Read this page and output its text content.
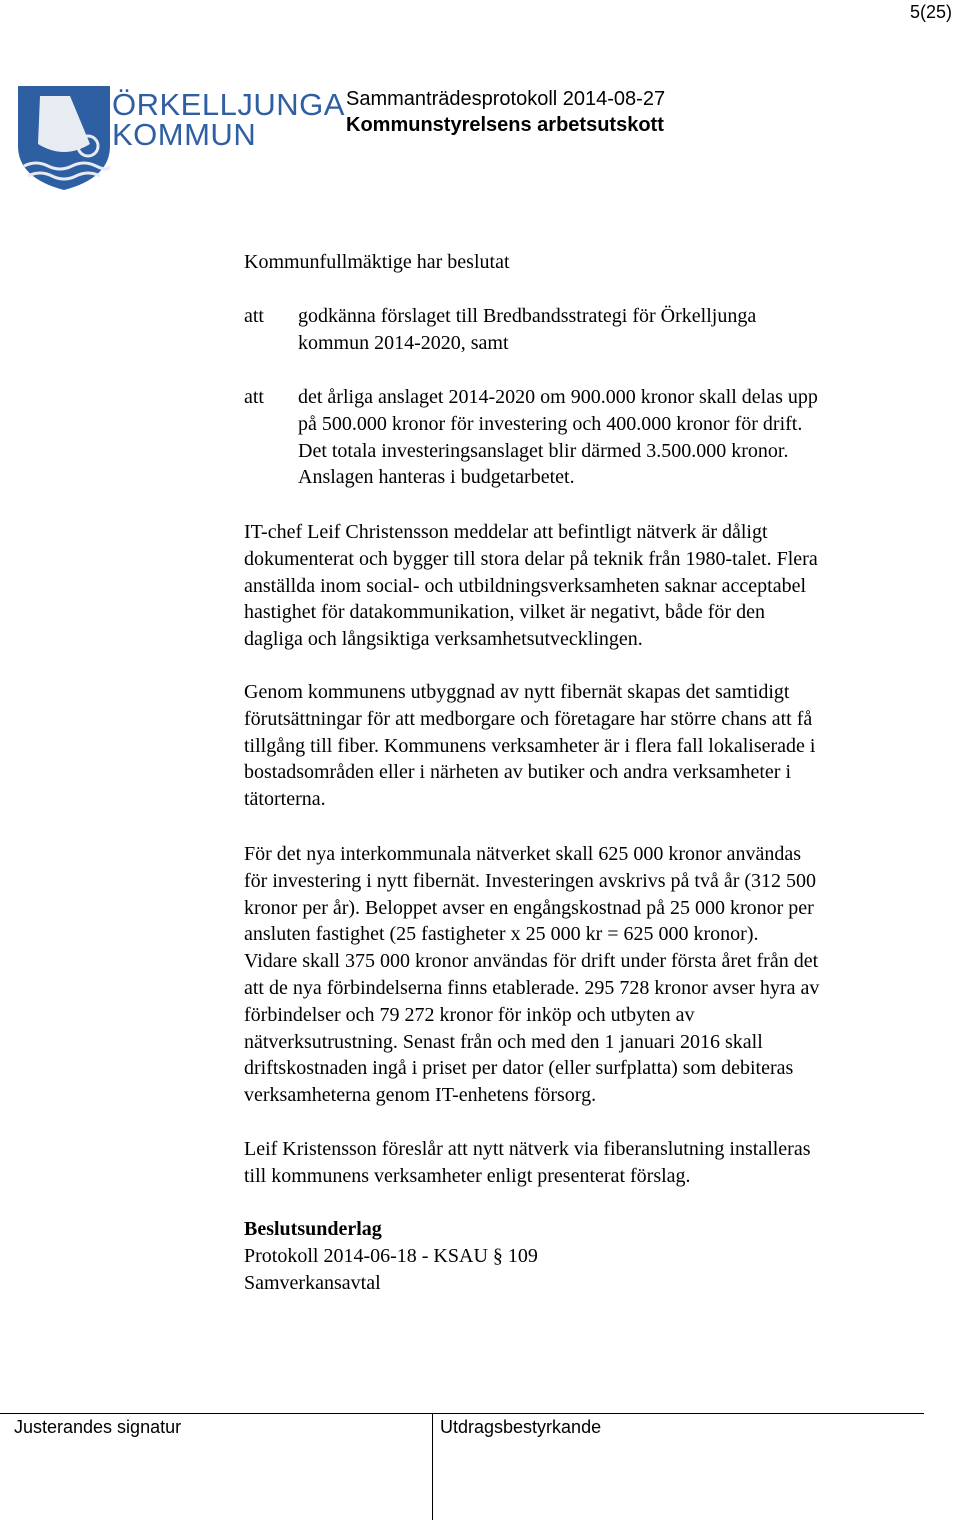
5(25)
ÖRKELLJUNGA
KOMMUN
Sammanträdesprotokoll 2014-08-27
Kommunstyrelsens arbetsutskott
Kommunfullmäktige har beslutat
att godkänna förslaget till Bredbandsstrategi för Örkelljunga
kommun 2014-2020, samt
att det årliga anslaget 2014-2020 om 900.000 kronor skall delas upp
på 500.000 kronor för investering och 400.000 kronor för drift.
Det totala investeringsanslaget blir därmed 3.500.000 kronor.
Anslagen hanteras i budgetarbetet.
IT-chef Leif Christensson meddelar att befintligt nätverk är dåligt
dokumenterat och bygger till stora delar på teknik från 1980-talet. Flera
anställda inom social- och utbildningsverksamheten saknar acceptabel
hastighet för datakommunikation, vilket är negativt, både för den
dagliga och långsiktiga verksamhetsutvecklingen.
Genom kommunens utbyggnad av nytt fibernät skapas det samtidigt
förutsättningar för att medborgare och företagare har större chans att få
tillgång till fiber. Kommunens verksamheter är i flera fall lokaliserade i
bostadsområden eller i närheten av butiker och andra verksamheter i
tätorterna.
För det nya interkommunala nätverket skall 625 000 kronor användas
för investering i nytt fibernät. Investeringen avskrivs på två år (312 500
kronor per år). Beloppet avser en engångskostnad på 25 000 kronor per
ansluten fastighet (25 fastigheter x 25 000 kr = 625 000 kronor).
Vidare skall 375 000 kronor användas för drift under första året från det
att de nya förbindelserna finns etablerade. 295 728 kronor avser hyra av
förbindelser och 79 272 kronor för inköp och utbyten av
nätverksutrustning. Senast från och med den 1 januari 2016 skall
driftskostnaden ingå i priset per dator (eller surfplatta) som debiteras
verksamheterna genom IT-enhetens försorg.
Leif Kristensson föreslår att nytt nätverk via fiberanslutning installeras
till kommunens verksamheter enligt presenterat förslag.
Beslutsunderlag
Protokoll 2014-06-18 - KSAU § 109
Samverkansavtal
Justerandes signatur	Utdragsbestyrkande
